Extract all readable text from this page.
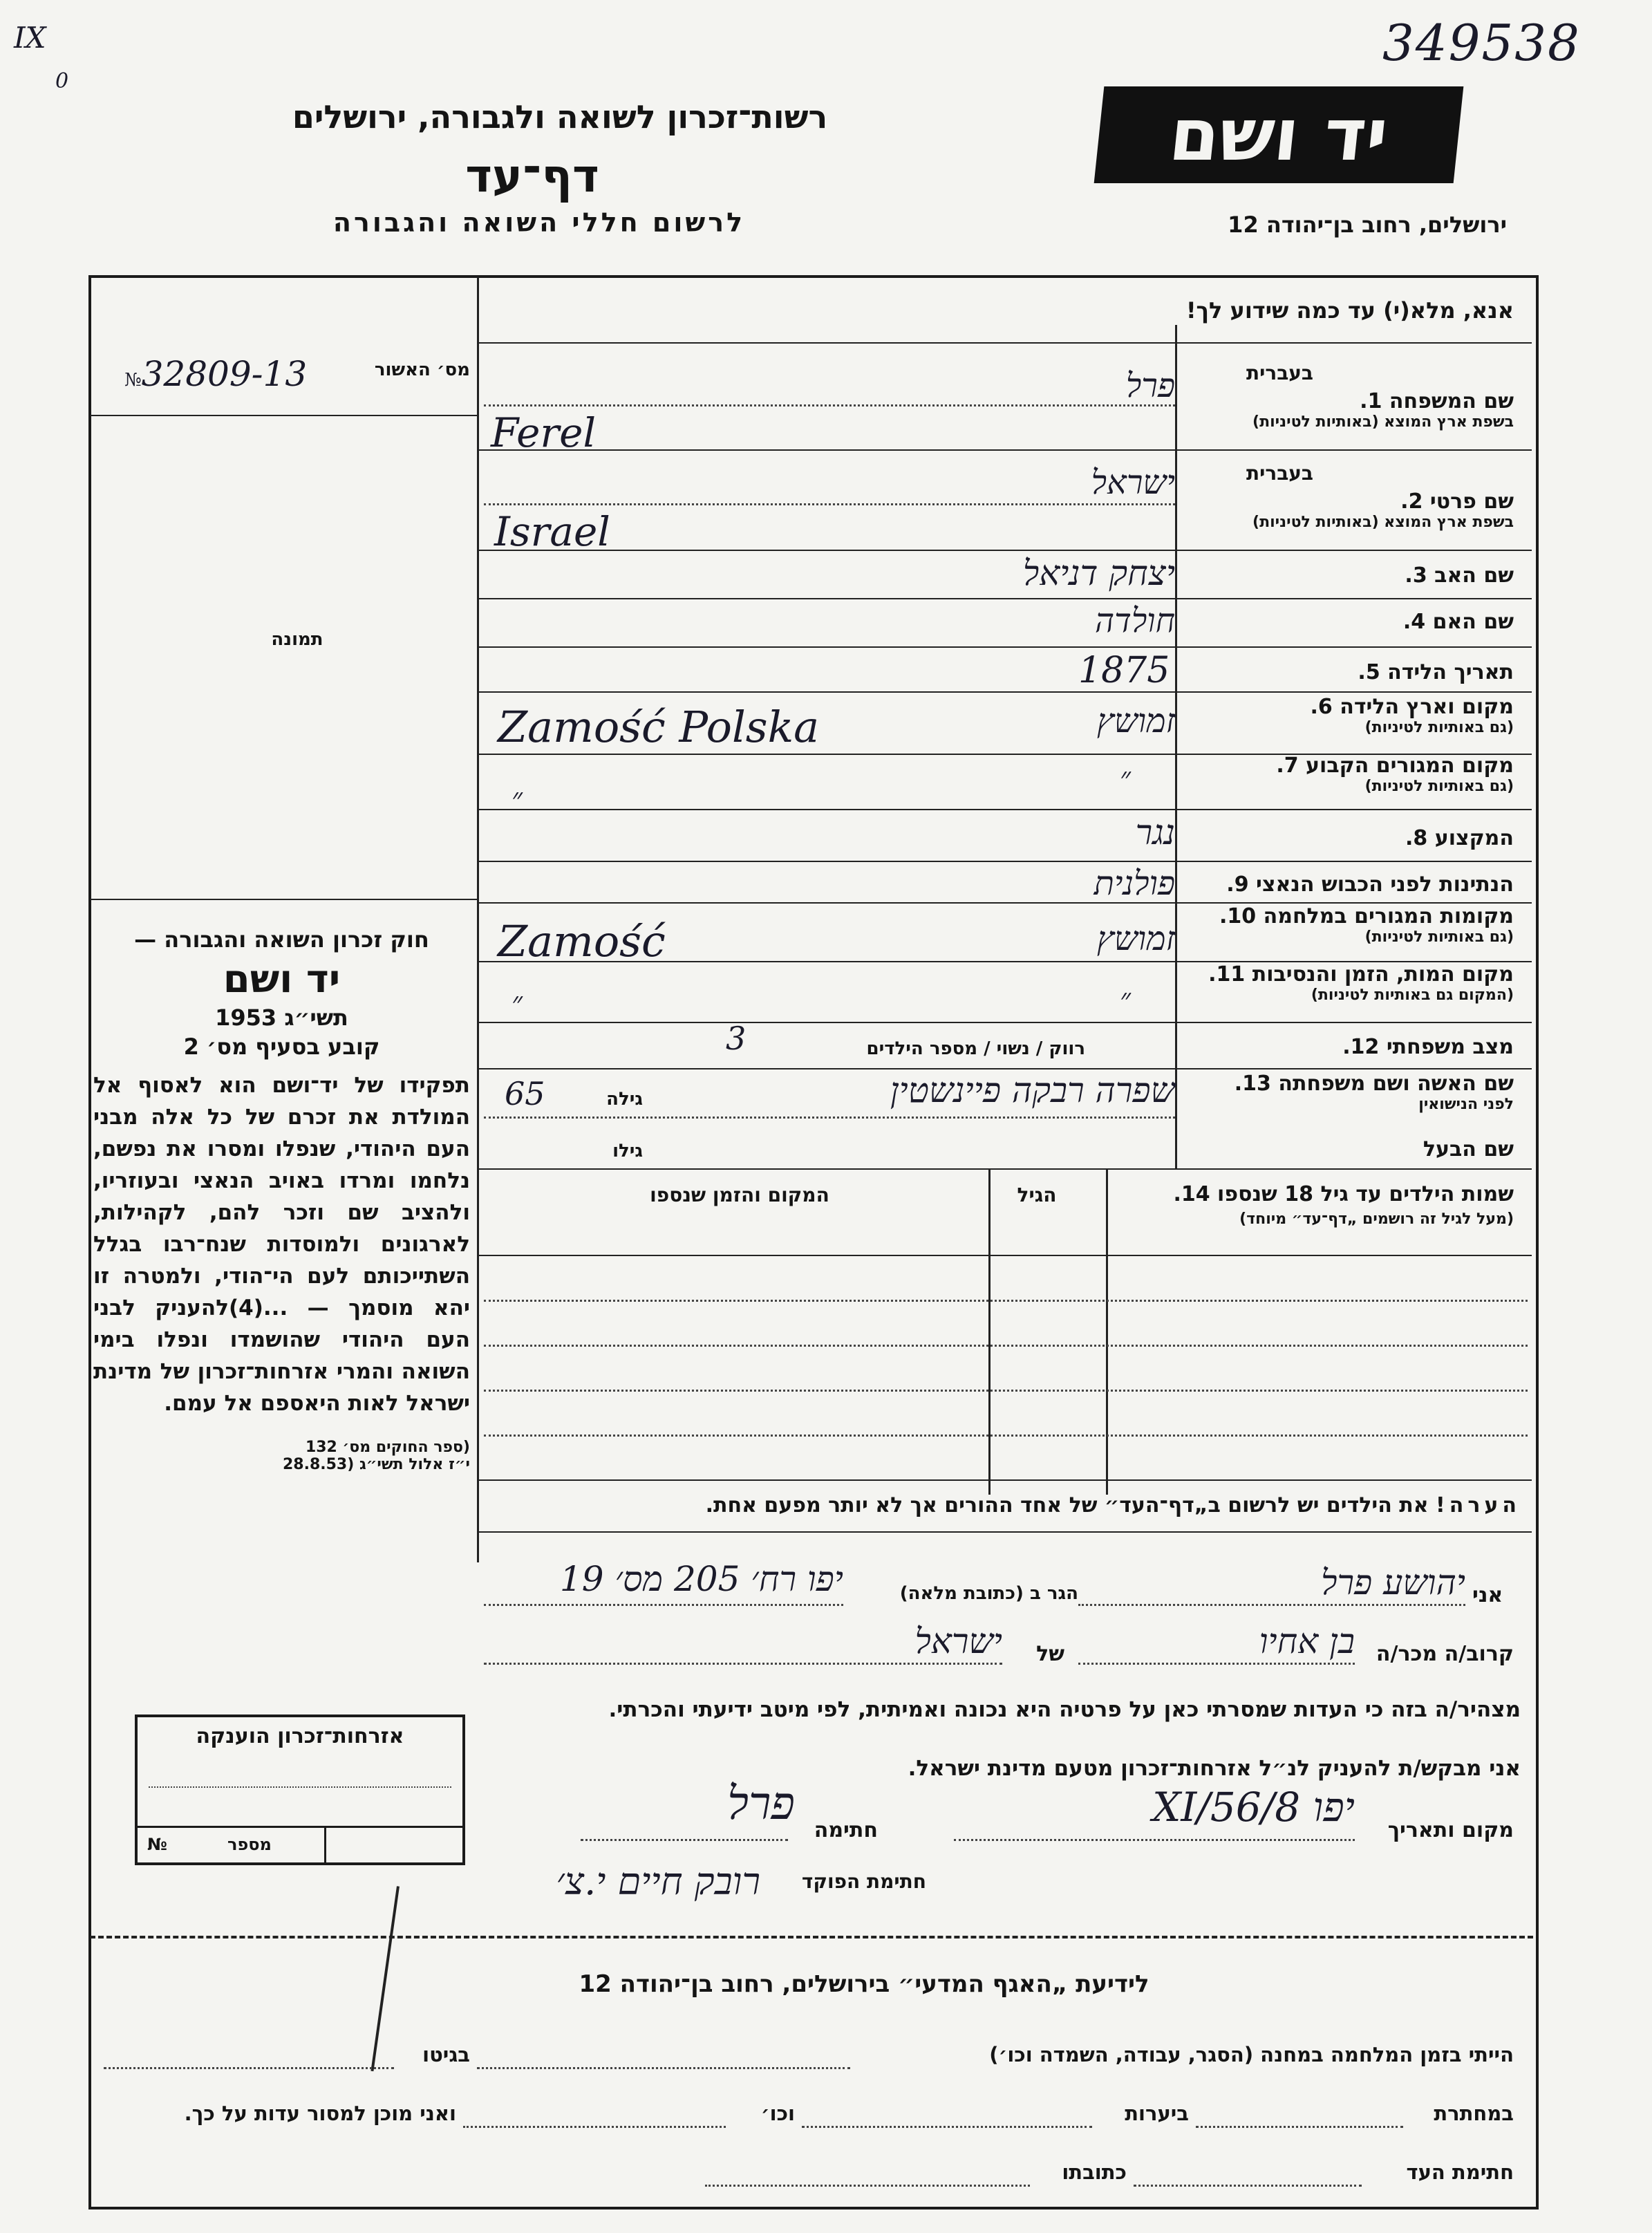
IX
0
349538
רשות־זכרון לשואה ולגבורה, ירושלים
דף־עד
לרשום חללי השואה והגבורה
יד ושם
ירושלים, רחוב בן־יהודה 12
אנא, מלא(י) עד כמה שידוע לך!
מס׳ האשור
№32809-13
תמונה
חוק זכרון השואה והגבורה —
יד ושם
תשי״ג 1953
קובע בסעיף מס׳ 2
תפקידו של יד־ושם הוא לאסוף אל המולדת את זכרם של כל אלה מבני העם היהודי, שנפלו ומסרו את נפשם, נלחמו ומרדו באויב הנאצי ובעוזריו, ולהציב שם וזכר להם, לקהילות, לארגונים ולמוסדות שנח־רבו בגלל השתייכותם לעם הי־הודי, ולמטרה זו יהא מוסמך — ...(4)להעניק לבני העם היהודי שהושמדו ונפלו בימי השואה והמרי אזרחות־זכרון של מדינת ישראל לאות היאספם אל עמם.
(ספר החוקים מס׳ 132
י״ז אלול תשי״ג (28.8.53
בעברית
שם המשפחה 1.
בשפת ארץ המוצא (באותיות לטיניות)
פרל
Ferel
בעברית
שם פרטי 2.
בשפת ארץ המוצא (באותיות לטיניות)
ישראל
Israel
שם האב 3.
יצחק דניאל
שם האם 4.
חולדה
תאריך הלידה 5.
1875
מקום וארץ הלידה 6.
(גם באותיות לטיניות)
Zamość Polska	זמושץ
מקום המגורים הקבוע 7.
(גם באותיות לטיניות)
״
״
המקצוע 8.
נגר
הנתינות לפני הכבוש הנאצי 9.
פולנית
מקומות המגורים במלחמה 10.
(גם באותיות לטיניות)
Zamość	זמושץ
מקום המות, הזמן והנסיבות 11.
(המקום גם באותיות לטיניות)
״	״
מצב משפחתי 12.
רווק / נשוי / מספר הילדים
3
שם האשה ושם משפחתה 13.
לפני הנישואין
שפרה רבקה פיינשטין
גילה
65
שם הבעל
גילו
שמות הילדים עד גיל 18 שנספו 14.
(מעל לגיל זה רושמים „דף־עד״ מיוחד)
הגיל
המקום והזמן שנספו
הערה! את הילדים יש לרשום ב„דף־העד״ של אחד ההורים אך לא יותר מפעם אחת.
אני
יהושע פרל
הגר ב (כתובת מלאה)
יפו רח׳ 205 מס׳ 19
קרוב/ה מכר/ה
בן אחיו
של
ישראל
מצהיר/ה בזה כי העדות שמסרתי כאן על פרטיה היא נכונה ואמיתית, לפי מיטב ידיעתי והכרתי.
אני מבקש/ת להעניק לנ״ל אזרחות־זכרון מטעם מדינת ישראל.
מקום ותאריך
יפו 8/XI/56
חתימה
פרל
חתימת הפוקד
רובק חיים י.צ׳
אזרחות־זכרון הוענקה
№	מספר
לידיעת „האגף המדעי״ בירושלים, רחוב בן־יהודה 12
הייתי בזמן המלחמה במחנה (הסגר, עבודה, השמדה וכו׳)
בגיטו
במחתרת
ביערות
וכו׳
ואני מוכן למסור עדות על כך.
חתימת העד
כתובתו
